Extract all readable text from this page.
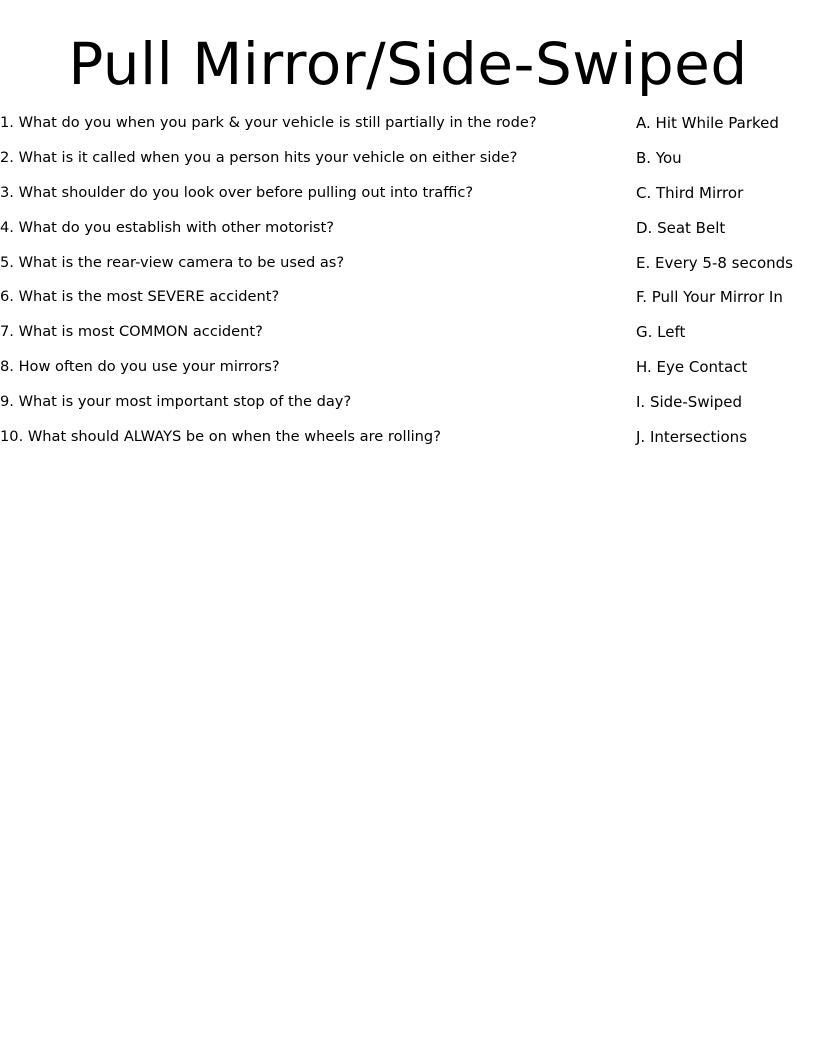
Pull Mirror/Side-Swiped
1. What do you when you park & your vehicle is still partially in the rode?	A. Hit While Parked
2. What is it called when you a person hits your vehicle on either side?	B. You
3. What shoulder do you look over before pulling out into traffic?	C. Third Mirror
4. What do you establish with other motorist?	D. Seat Belt
5. What is the rear-view camera to be used as?	E. Every 5-8 seconds
6. What is the most SEVERE accident?	F. Pull Your Mirror In
7. What is most COMMON accident?	G. Left
8. How often do you use your mirrors?	H. Eye Contact
9. What is your most important stop of the day?	I. Side-Swiped
10. What should ALWAYS be on when the wheels are rolling?	J. Intersections
